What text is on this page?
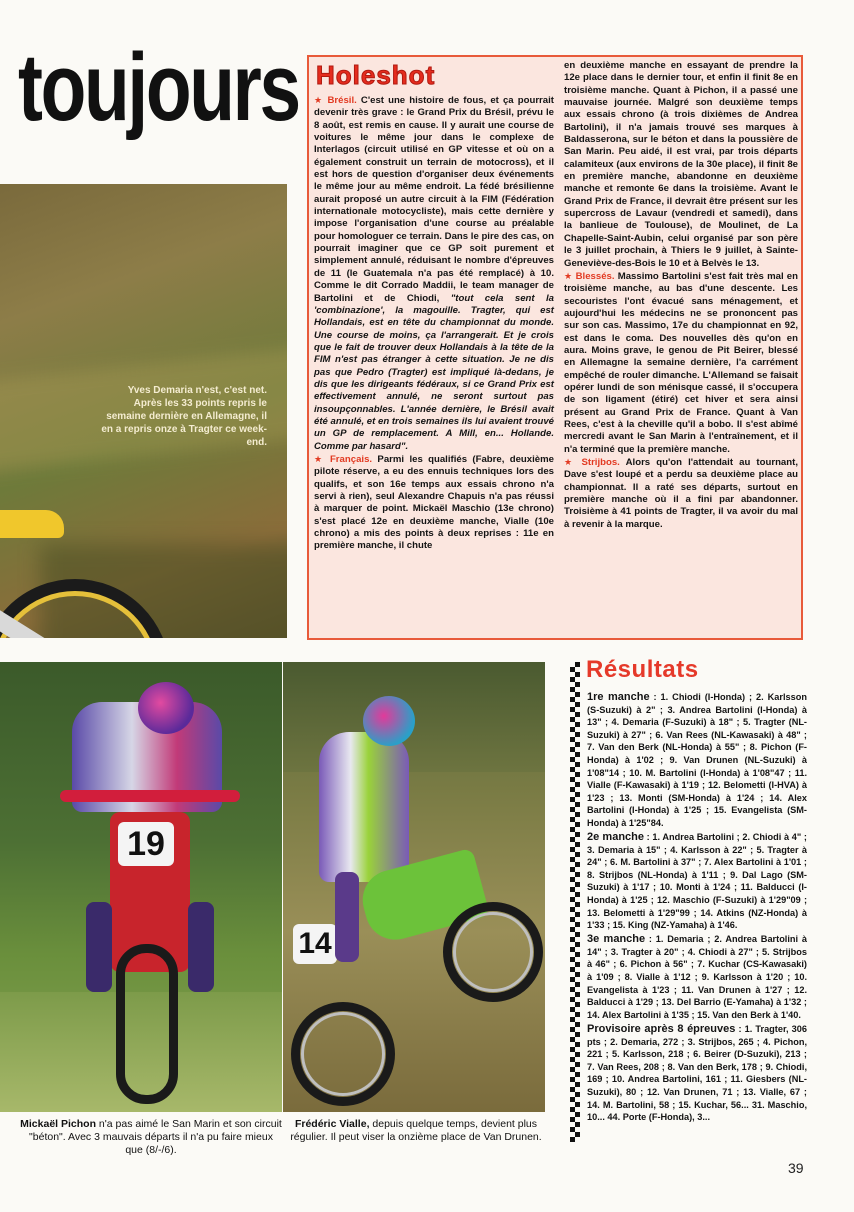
toujours
Yves Demaria n'est, c'est net. Après les 33 points repris le semaine dernière en Allemagne, il en a repris onze à Tragter ce week-end.
Holeshot

★ Brésil. C'est une histoire de fous, et ça pourrait devenir très grave : le Grand Prix du Brésil, prévu le 8 août, est remis en cause. Il y aurait une course de voitures le même jour dans le complexe de Interlagos (circuit utilisé en GP vitesse et où on a également construit un terrain de motocross), et il est hors de question d'organiser deux événements le même jour au même endroit. La fédé brésilienne aurait proposé un autre circuit à la FIM (Fédération internationale motocycliste), mais cette dernière y impose l'organisation d'une course au préalable pour homologuer ce terrain. Dans le pire des cas, on pourrait imaginer que ce GP soit purement et simplement annulé, réduisant le nombre d'épreuves de 11 (le Guatemala n'a pas été remplacé) à 10. Comme le dit Corrado Maddii, le team manager de Bartolini et de Chiodi, "tout cela sent la 'combinazione', la magouille. Tragter, qui est Hollandais, est en tête du championnat du monde. Une course de moins, ça l'arrangerait. Et je crois que le fait de trouver deux Hollandais à la tête de la FIM n'est pas étranger à cette situation. Je ne dis pas que Pedro (Tragter) est impliqué là-dedans, je dis que les dirigeants fédéraux, si ce Grand Prix est effectivement annulé, ne seront surtout pas insoupçonnables. L'année dernière, le Brésil avait été annulé, et en trois semaines ils lui avaient trouvé un GP de remplacement. A Mill, en... Hollande. Comme par hasard".

★ Français. Parmi les qualifiés (Fabre, deuxième pilote réserve, a eu des ennuis techniques lors des qualifs, et son 16e temps aux essais chrono n'a servi à rien), seul Alexandre Chapuis n'a pas réussi à marquer de point. Mickaël Maschio (13e chrono) s'est placé 12e en deuxième manche, Vialle (10e chrono) a mis des points à deux reprises : 11e en première manche, il chute

en deuxième manche en essayant de prendre la 12e place dans le dernier tour, et enfin il finit 8e en troisième manche. Quant à Pichon, il a passé une mauvaise journée. Malgré son deuxième temps aux essais chrono (à trois dixièmes de Andrea Bartolini), il n'a jamais trouvé ses marques à Baldasserona, sur le béton et dans la poussière de San Marin. Peu aidé, il est vrai, par trois départs calamiteux (aux environs de la 30e place), il finit 8e en première manche, abandonne en deuxième manche et remonte 6e dans la troisième. Avant le Grand Prix de France, il devrait être présent sur les supercross de Lavaur (vendredi et samedi), dans la banlieue de Toulouse), de Moulinet, de La Chapelle-Saint-Aubin, celui organisé par son père le 3 juillet prochain, à Thiers le 9 juillet, à Sainte-Geneviève-des-Bois le 10 et à Belvès le 13.

★ Blessés. Massimo Bartolini s'est fait très mal en troisième manche, au bas d'une descente. Les secouristes l'ont évacué sans ménagement, et aujourd'hui les médecins ne se prononcent pas sur son cas. Massimo, 17e du championnat en 92, est dans le coma. Des nouvelles dès qu'on en aura. Moins grave, le genou de Pit Beirer, blessé en Allemagne la semaine dernière, l'a carrément empêché de rouler dimanche. L'Allemand se faisait opérer lundi de son ménisque cassé, il s'occupera de son ligament (étiré) cet hiver et sera ainsi présent au Grand Prix de France. Quant à Van Rees, c'est à la cheville qu'il a bobo. Il s'est abîmé mercredi avant le San Marin à l'entraînement, et il n'a terminé que la première manche.

★ Strijbos. Alors qu'on l'attendait au tournant, Dave s'est loupé et a perdu sa deuxième place au championnat. Il a raté ses départs, surtout en première manche où il a fini par abandonner. Troisième à 41 points de Tragter, il va avoir du mal à revenir à la marque.

19
14
Mickaël Pichon n'a pas aimé le San Marin et son circuit "béton". Avec 3 mauvais départs il n'a pu faire mieux que (8/-/6).
Frédéric Vialle, depuis quelque temps, devient plus régulier. Il peut viser la onzième place de Van Drunen.
Résultats

1re manche : 1. Chiodi (I-Honda) ; 2. Karlsson (S-Suzuki) à 2" ; 3. Andrea Bartolini (I-Honda) à 13" ; 4. Demaria (F-Suzuki) à 18" ; 5. Tragter (NL-Suzuki) à 27" ; 6. Van Rees (NL-Kawasaki) à 48" ; 7. Van den Berk (NL-Honda) à 55" ; 8. Pichon (F-Honda) à 1'02 ; 9. Van Drunen (NL-Suzuki) à 1'08"14 ; 10. M. Bartolini (I-Honda) à 1'08"47 ; 11. Vialle (F-Kawasaki) à 1'19 ; 12. Belometti (I-HVA) à 1'23 ; 13. Monti (SM-Honda) à 1'24 ; 14. Alex Bartolini (I-Honda) à 1'25 ; 15. Evangelista (SM-Honda) à 1'25"84.

2e manche : 1. Andrea Bartolini ; 2. Chiodi à 4" ; 3. Demaria à 15" ; 4. Karlsson à 22" ; 5. Tragter à 24" ; 6. M. Bartolini à 37" ; 7. Alex Bartolini à 1'01 ; 8. Strijbos (NL-Honda) à 1'11 ; 9. Dal Lago (SM-Suzuki) à 1'17 ; 10. Monti à 1'24 ; 11. Balducci (I-Honda) à 1'25 ; 12. Maschio (F-Suzuki) à 1'29"09 ; 13. Belometti à 1'29"99 ; 14. Atkins (NZ-Honda) à 1'33 ; 15. King (NZ-Yamaha) à 1'46.

3e manche : 1. Demaria ; 2. Andrea Bartolini à 14" ; 3. Tragter à 20" ; 4. Chiodi à 27" ; 5. Strijbos à 46" ; 6. Pichon à 56" ; 7. Kuchar (CS-Kawasaki) à 1'09 ; 8. Vialle à 1'12 ; 9. Karlsson à 1'20 ; 10. Evangelista à 1'23 ; 11. Van Drunen à 1'27 ; 12. Balducci à 1'29 ; 13. Del Barrio (E-Yamaha) à 1'32 ; 14. Alex Bartolini à 1'35 ; 15. Van den Berk à 1'40.

Provisoire après 8 épreuves : 1. Tragter, 306 pts ; 2. Demaria, 272 ; 3. Strijbos, 265 ; 4. Pichon, 221 ; 5. Karlsson, 218 ; 6. Beirer (D-Suzuki), 213 ; 7. Van Rees, 208 ; 8. Van den Berk, 178 ; 9. Chiodi, 169 ; 10. Andrea Bartolini, 161 ; 11. Giesbers (NL-Suzuki), 80 ; 12. Van Drunen, 71 ; 13. Vialle, 67 ; 14. M. Bartolini, 58 ; 15. Kuchar, 56... 31. Maschio, 10... 44. Porte (F-Honda), 3...

39
